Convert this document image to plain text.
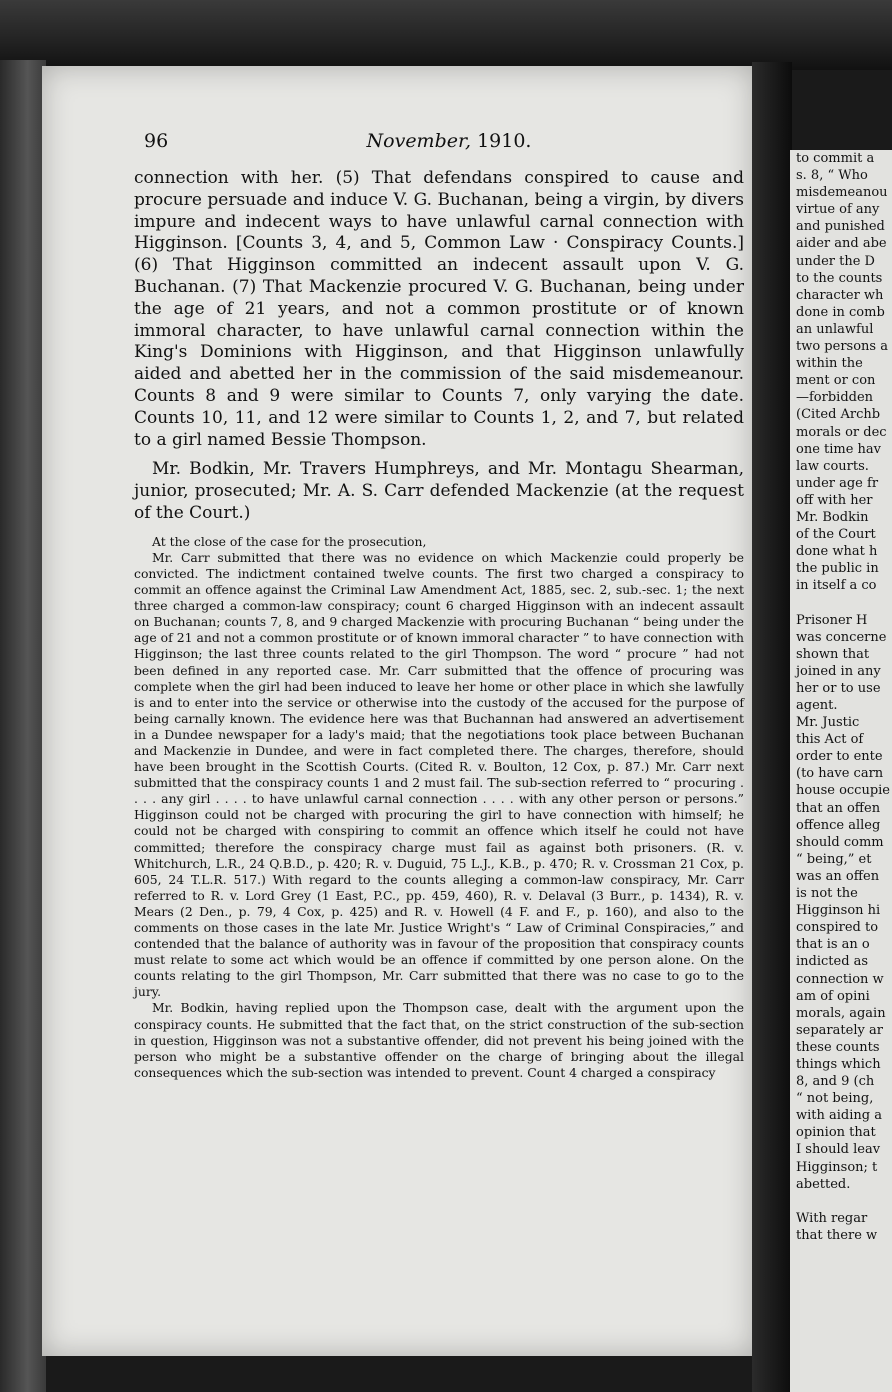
96	November, 1910.

connection with her. (5) That defendans conspired to cause and procure persuade and induce V. G. Buchanan, being a virgin, by divers impure and indecent ways to have unlawful carnal connection with Higginson. [Counts 3, 4, and 5, Common Law · Conspiracy Counts.] (6) That Higginson committed an indecent assault upon V. G. Buchanan. (7) That Mackenzie procured V. G. Buchanan, being under the age of 21 years, and not a common prostitute or of known immoral character, to have unlawful carnal connection within the King's Dominions with Higginson, and that Higginson unlawfully aided and abetted her in the commission of the said misdemeanour. Counts 8 and 9 were similar to Counts 7, only varying the date. Counts 10, 11, and 12 were similar to Counts 1, 2, and 7, but related to a girl named Bessie Thompson.

Mr. Bodkin, Mr. Travers Humphreys, and Mr. Montagu Shearman, junior, prosecuted; Mr. A. S. Carr defended Mackenzie (at the request of the Court.)

At the close of the case for the prosecution,

Mr. Carr submitted that there was no evidence on which Mackenzie could properly be convicted. The indictment contained twelve counts. The first two charged a conspiracy to commit an offence against the Criminal Law Amendment Act, 1885, sec. 2, sub.-sec. 1; the next three charged a common-law conspiracy; count 6 charged Higginson with an indecent assault on Buchanan; counts 7, 8, and 9 charged Mackenzie with procuring Buchanan “ being under the age of 21 and not a common prostitute or of known immoral character ” to have connection with Higginson; the last three counts related to the girl Thompson. The word “ procure ” had not been defined in any reported case. Mr. Carr submitted that the offence of procuring was complete when the girl had been induced to leave her home or other place in which she lawfully is and to enter into the service or otherwise into the custody of the accused for the purpose of being carnally known. The evidence here was that Buchannan had answered an advertisement in a Dundee newspaper for a lady's maid; that the negotiations took place between Buchanan and Mackenzie in Dundee, and were in fact completed there. The charges, therefore, should have been brought in the Scottish Courts. (Cited R. v. Boulton, 12 Cox, p. 87.) Mr. Carr next submitted that the conspiracy counts 1 and 2 must fail. The sub-section referred to “ procuring . . . . any girl . . . . to have unlawful carnal connection . . . . with any other person or persons.” Higginson could not be charged with procuring the girl to have connection with himself; he could not be charged with conspiring to commit an offence which itself he could not have committed; therefore the conspiracy charge must fail as against both prisoners. (R. v. Whitchurch, L.R., 24 Q.B.D., p. 420; R. v. Duguid, 75 L.J., K.B., p. 470; R. v. Crossman 21 Cox, p. 605, 24 T.L.R. 517.) With regard to the counts alleging a common-law conspiracy, Mr. Carr referred to R. v. Lord Grey (1 East, P.C., pp. 459, 460), R. v. Delaval (3 Burr., p. 1434), R. v. Mears (2 Den., p. 79, 4 Cox, p. 425) and R. v. Howell (4 F. and F., p. 160), and also to the comments on those cases in the late Mr. Justice Wright's “ Law of Criminal Conspiracies,” and contended that the balance of authority was in favour of the proposition that conspiracy counts must relate to some act which would be an offence if committed by one person alone. On the counts relating to the girl Thompson, Mr. Carr submitted that there was no case to go to the jury.

Mr. Bodkin, having replied upon the Thompson case, dealt with the argument upon the conspiracy counts. He submitted that the fact that, on the strict construction of the sub-section in question, Higginson was not a substantive offender, did not prevent his being joined with the person who might be a substantive offender on the charge of bringing about the illegal consequences which the sub-section was intended to prevent. Count 4 charged a conspiracy

to commit a
s. 8, “ Who
misdemeanou
virtue of any
and punished
aider and abe
under the D
to the counts
character wh
done in comb
an unlawful
two persons a
within the
ment or con
—forbidden
(Cited Archb
morals or dec
one time hav
law courts.
under age fr
off with her
Mr. Bodkin
of the Court
done what h
the public in
in itself a co

Prisoner H
was concerne
shown that
joined in any
her or to use
agent.
Mr. Justic
this Act of
order to ente
(to have carn
house occupie
that an offen
offence alleg
should comm
“ being,” et
was an offen
is not the
Higginson hi
conspired to
that is an o
indicted as
connection w
am of opini
morals, again
separately ar
these counts
things which
8, and 9 (ch
“ not being,
with aiding a
opinion that
I should leav
Higginson; t
abetted.

With regar
that there w
